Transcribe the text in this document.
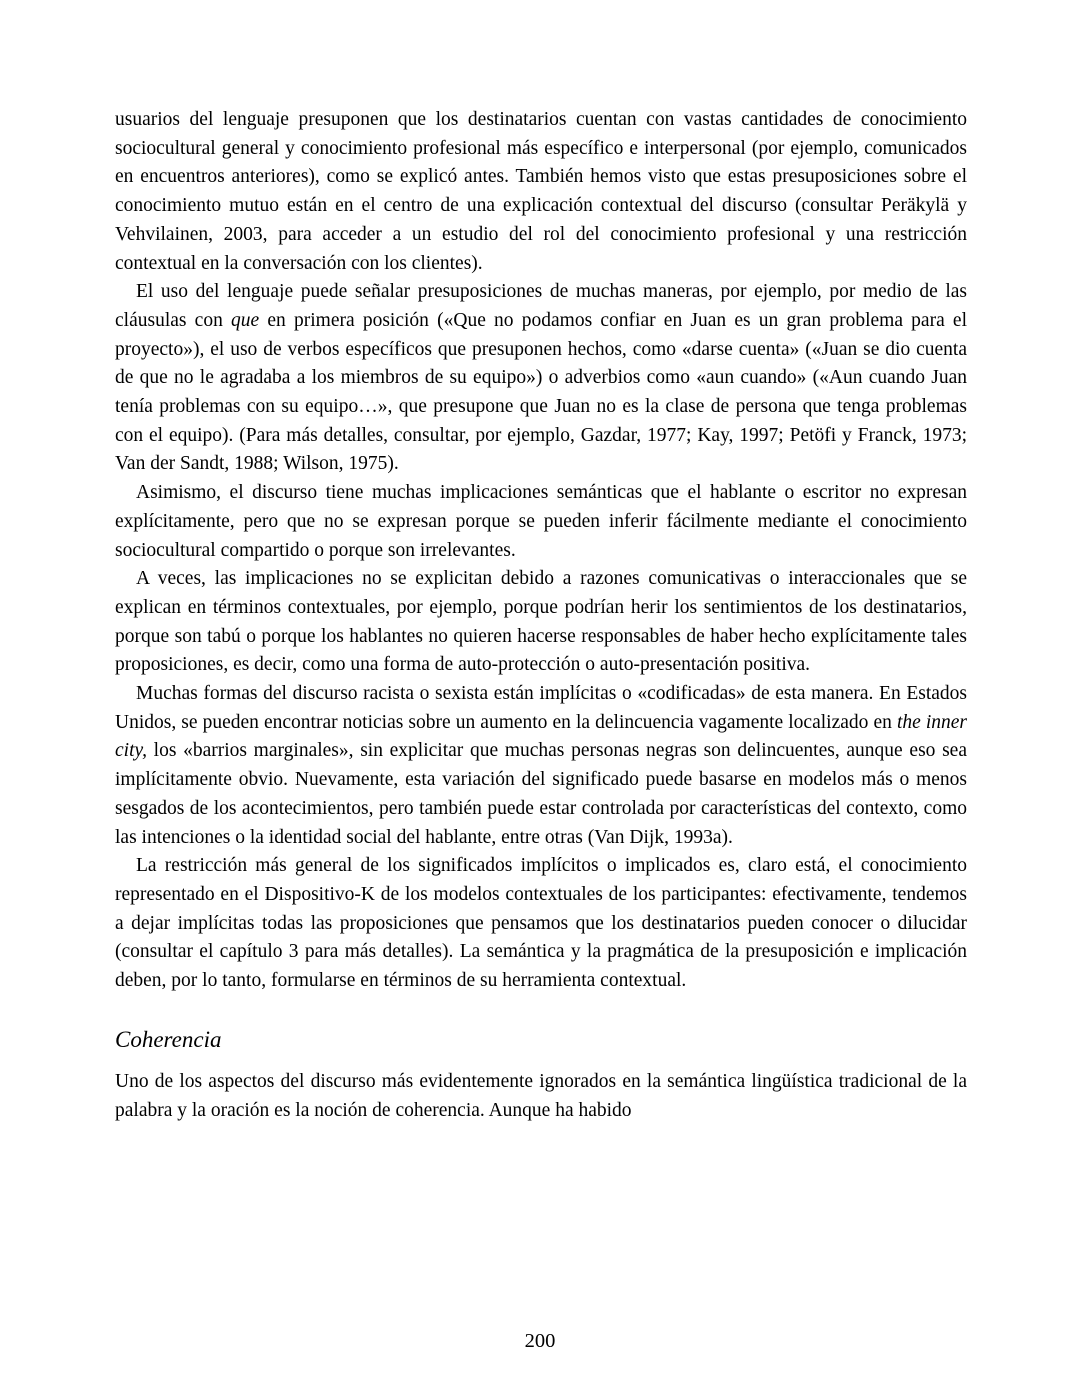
usuarios del lenguaje presuponen que los destinatarios cuentan con vastas cantidades de conocimiento sociocultural general y conocimiento profesional más específico e interpersonal (por ejemplo, comunicados en encuentros anteriores), como se explicó antes. También hemos visto que estas presuposiciones sobre el conocimiento mutuo están en el centro de una explicación contextual del discurso (consultar Peräkylä y Vehvilainen, 2003, para acceder a un estudio del rol del conocimiento profesional y una restricción contextual en la conversación con los clientes).

El uso del lenguaje puede señalar presuposiciones de muchas maneras, por ejemplo, por medio de las cláusulas con que en primera posición («Que no podamos confiar en Juan es un gran problema para el proyecto»), el uso de verbos específicos que presuponen hechos, como «darse cuenta» («Juan se dio cuenta de que no le agradaba a los miembros de su equipo») o adverbios como «aun cuando» («Aun cuando Juan tenía problemas con su equipo…», que presupone que Juan no es la clase de persona que tenga problemas con el equipo). (Para más detalles, consultar, por ejemplo, Gazdar, 1977; Kay, 1997; Petöfi y Franck, 1973; Van der Sandt, 1988; Wilson, 1975).

Asimismo, el discurso tiene muchas implicaciones semánticas que el hablante o escritor no expresan explícitamente, pero que no se expresan porque se pueden inferir fácilmente mediante el conocimiento sociocultural compartido o porque son irrelevantes.

A veces, las implicaciones no se explicitan debido a razones comunicativas o interaccionales que se explican en términos contextuales, por ejemplo, porque podrían herir los sentimientos de los destinatarios, porque son tabú o porque los hablantes no quieren hacerse responsables de haber hecho explícitamente tales proposiciones, es decir, como una forma de auto-protección o auto-presentación positiva.

Muchas formas del discurso racista o sexista están implícitas o «codificadas» de esta manera. En Estados Unidos, se pueden encontrar noticias sobre un aumento en la delincuencia vagamente localizado en the inner city, los «barrios marginales», sin explicitar que muchas personas negras son delincuentes, aunque eso sea implícitamente obvio. Nuevamente, esta variación del significado puede basarse en modelos más o menos sesgados de los acontecimientos, pero también puede estar controlada por características del contexto, como las intenciones o la identidad social del hablante, entre otras (Van Dijk, 1993a).

La restricción más general de los significados implícitos o implicados es, claro está, el conocimiento representado en el Dispositivo-K de los modelos contextuales de los participantes: efectivamente, tendemos a dejar implícitas todas las proposiciones que pensamos que los destinatarios pueden conocer o dilucidar (consultar el capítulo 3 para más detalles). La semántica y la pragmática de la presuposición e implicación deben, por lo tanto, formularse en términos de su herramienta contextual.

Coherencia

Uno de los aspectos del discurso más evidentemente ignorados en la semántica lingüística tradicional de la palabra y la oración es la noción de coherencia. Aunque ha habido

200
